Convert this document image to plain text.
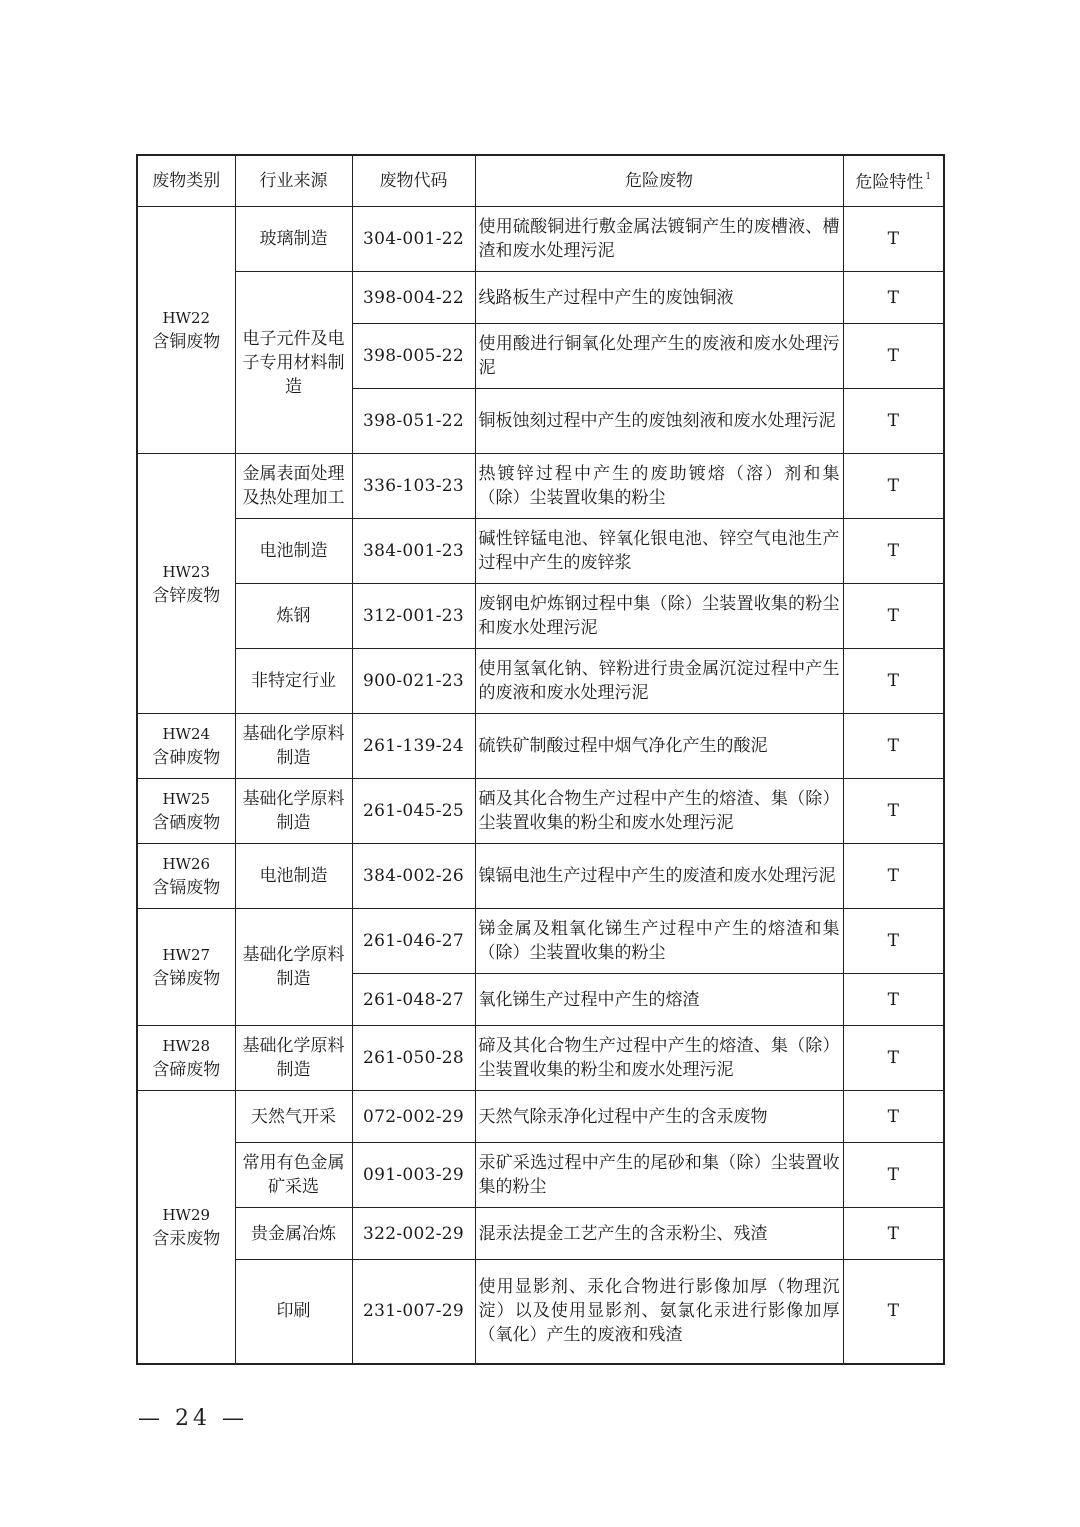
废物类别	行业来源	废物代码	危险废物	危险特性 $^1$

HW22
含铜废物	玻璃制造	304-001-22	使用硫酸铜进行敷金属法镀铜产生的废槽液、槽渣和废水处理污泥	T
	电子元件及电子专用材料制造	398-004-22	线路板生产过程中产生的废蚀铜液	T
		398-005-22	使用酸进行铜氧化处理产生的废液和废水处理污泥	T
		398-051-22	铜板蚀刻过程中产生的废蚀刻液和废水处理污泥	T

HW23
含锌废物	金属表面处理及热处理加工	336-103-23	热镀锌过程中产生的废助镀熔（溶）剂和集（除）尘装置收集的粉尘	T
	电池制造	384-001-23	碱性锌锰电池、锌氧化银电池、锌空气电池生产过程中产生的废锌浆	T
	炼钢	312-001-23	废钢电炉炼钢过程中集（除）尘装置收集的粉尘和废水处理污泥	T
	非特定行业	900-021-23	使用氢氧化钠、锌粉进行贵金属沉淀过程中产生的废液和废水处理污泥	T

HW24
含砷废物	基础化学原料制造	261-139-24	硫铁矿制酸过程中烟气净化产生的酸泥	T

HW25
含硒废物	基础化学原料制造	261-045-25	硒及其化合物生产过程中产生的熔渣、集（除）尘装置收集的粉尘和废水处理污泥	T

HW26
含镉废物	电池制造	384-002-26	镍镉电池生产过程中产生的废渣和废水处理污泥	T

HW27
含锑废物	基础化学原料制造	261-046-27	锑金属及粗氧化锑生产过程中产生的熔渣和集（除）尘装置收集的粉尘	T
		261-048-27	氧化锑生产过程中产生的熔渣	T

HW28
含碲废物	基础化学原料制造	261-050-28	碲及其化合物生产过程中产生的熔渣、集（除）尘装置收集的粉尘和废水处理污泥	T

HW29
含汞废物	天然气开采	072-002-29	天然气除汞净化过程中产生的含汞废物	T
	常用有色金属矿采选	091-003-29	汞矿采选过程中产生的尾砂和集（除）尘装置收集的粉尘	T
	贵金属冶炼	322-002-29	混汞法提金工艺产生的含汞粉尘、残渣	T
	印刷	231-007-29	使用显影剂、汞化合物进行影像加厚（物理沉淀）以及使用显影剂、氨氯化汞进行影像加厚（氧化）产生的废液和残渣	T
— 24 —
